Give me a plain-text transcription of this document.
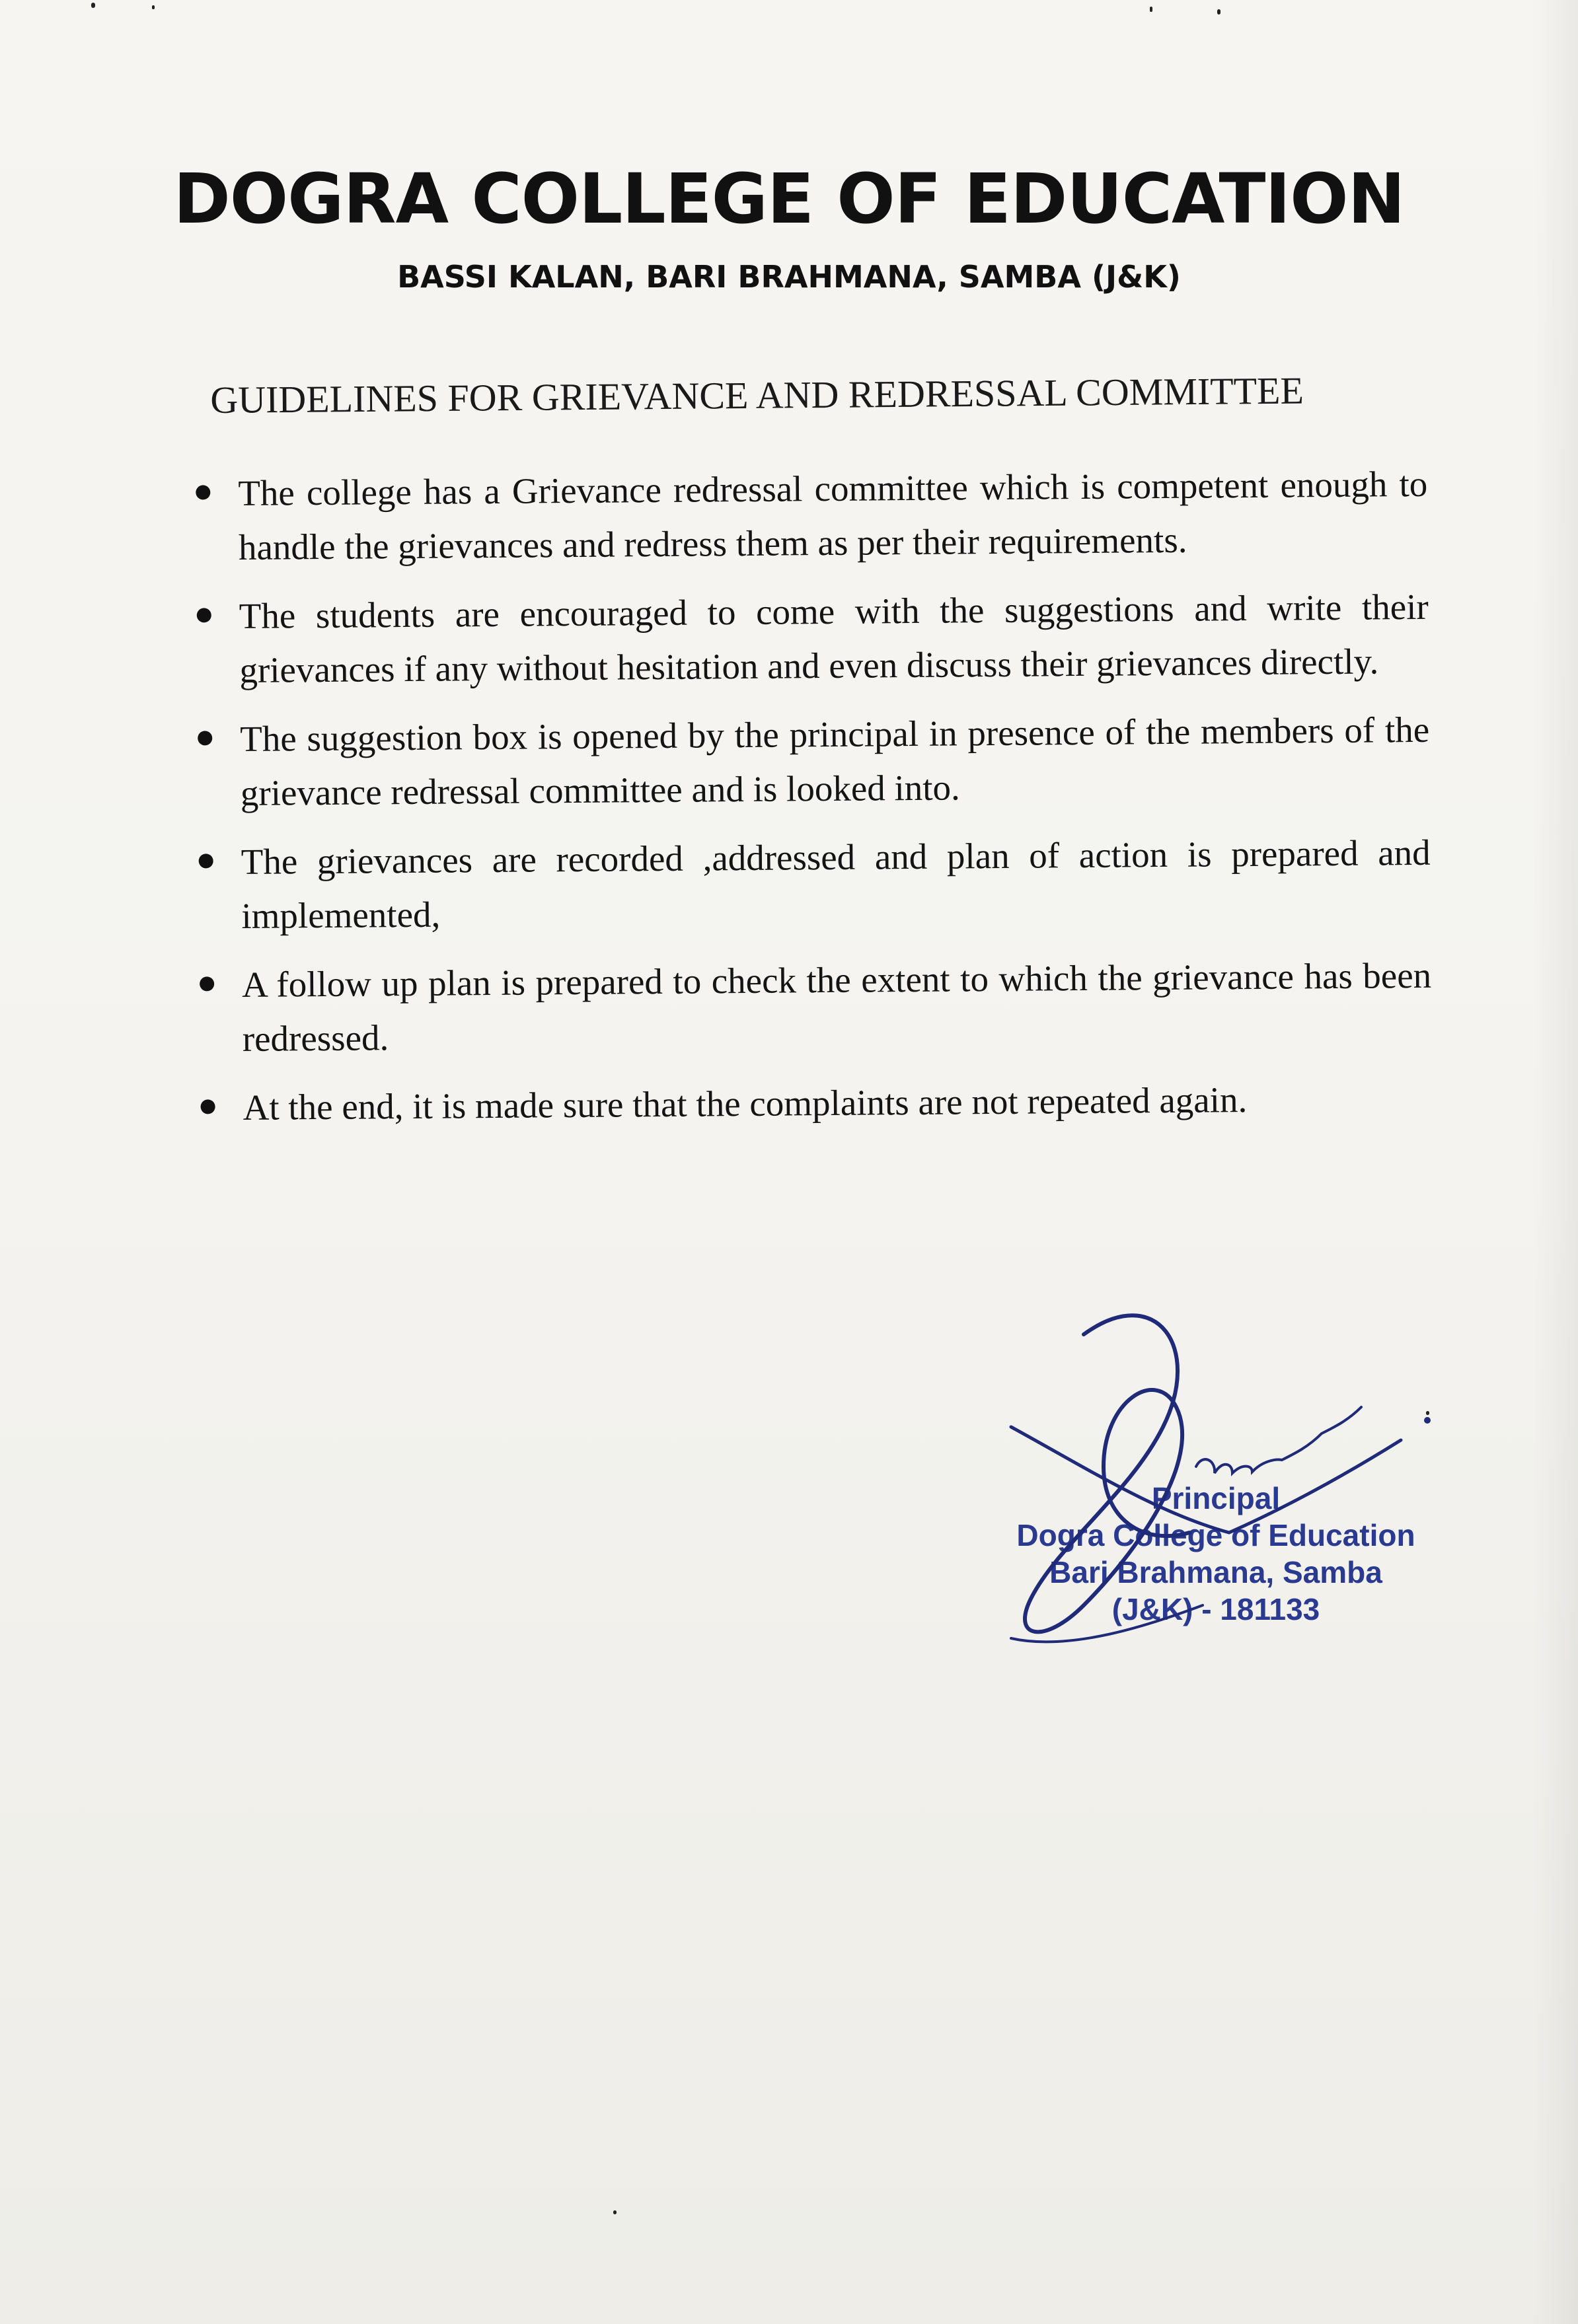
DOGRA COLLEGE OF EDUCATION
BASSI KALAN, BARI BRAHMANA, SAMBA (J&K)
GUIDELINES FOR GRIEVANCE AND REDRESSAL COMMITTEE
The college has a Grievance redressal committee which is competent enough to handle the grievances and redress them as per their requirements.
The students are encouraged to come with the suggestions and write their grievances if any without hesitation and even discuss their grievances directly.
The suggestion box is opened by the principal in presence of the members of the grievance redressal committee and is looked into.
The grievances are recorded ,addressed and plan of action is prepared and implemented,
A follow up plan is prepared to check the extent to which the grievance has been redressed.
At the end, it is made sure that the complaints are not repeated again.
Principal
Dogra College of Education
Bari Brahmana, Samba
(J&K) - 181133
